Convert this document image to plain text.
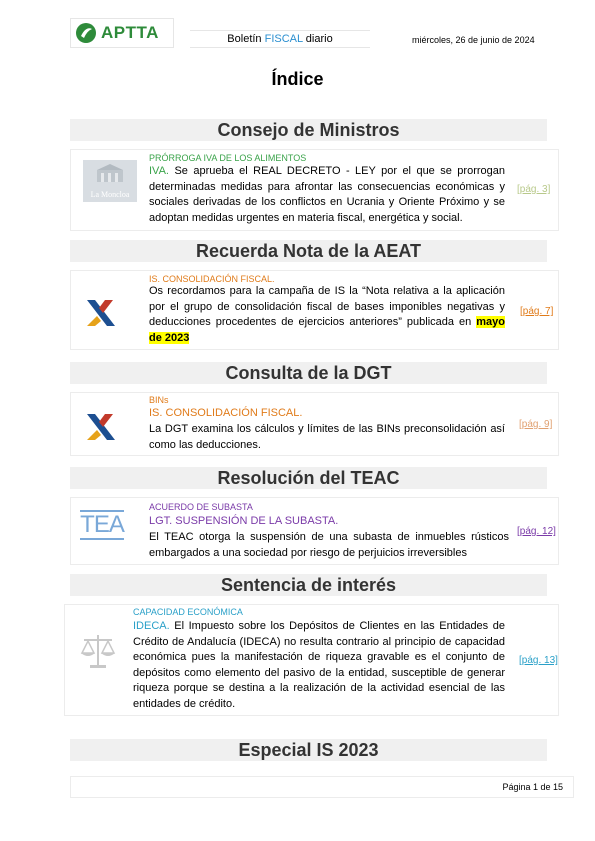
APTTA	Boletín FISCAL diario	miércoles, 26 de junio de 2024
Índice
Consejo de Ministros
La Moncloa
PRÓRROGA IVA DE LOS ALIMENTOS
IVA. Se aprueba el REAL DECRETO - LEY por el que se prorrogan determinadas medidas para afrontar las consecuencias económicas y sociales derivadas de los conflictos en Ucrania y Oriente Próximo y se adoptan medidas urgentes en materia fiscal, energética y social.
[pág. 3]
Recuerda Nota de la AEAT
IS. CONSOLIDACIÓN FISCAL.
Os recordamos para la campaña de IS la “Nota relativa a la aplicación por el grupo de consolidación fiscal de bases imponibles negativas y deducciones procedentes de ejercicios anteriores” publicada en mayo de 2023
[pág. 7]
Consulta de la DGT
BINs
IS. CONSOLIDACIÓN FISCAL.
La DGT examina los cálculos y límites de las BINs preconsolidación así como las deducciones.
[pág. 9]
Resolución del TEAC
TEA
ACUERDO DE SUBASTA
LGT. SUSPENSIÓN DE LA SUBASTA.
El TEAC otorga la suspensión de una subasta de inmuebles rústicos embargados a una sociedad por riesgo de perjuicios irreversibles
[pág. 12]
Sentencia de interés
CAPACIDAD ECONÓMICA
IDECA. El Impuesto sobre los Depósitos de Clientes en las Entidades de Crédito de Andalucía (IDECA) no resulta contrario al principio de capacidad económica pues la manifestación de riqueza gravable es el conjunto de depósitos como elemento del pasivo de la entidad, susceptible de generar riqueza porque se destina a la realización de la actividad esencial de las entidades de crédito.
[pág. 13]
Especial IS 2023
Página 1 de 15
